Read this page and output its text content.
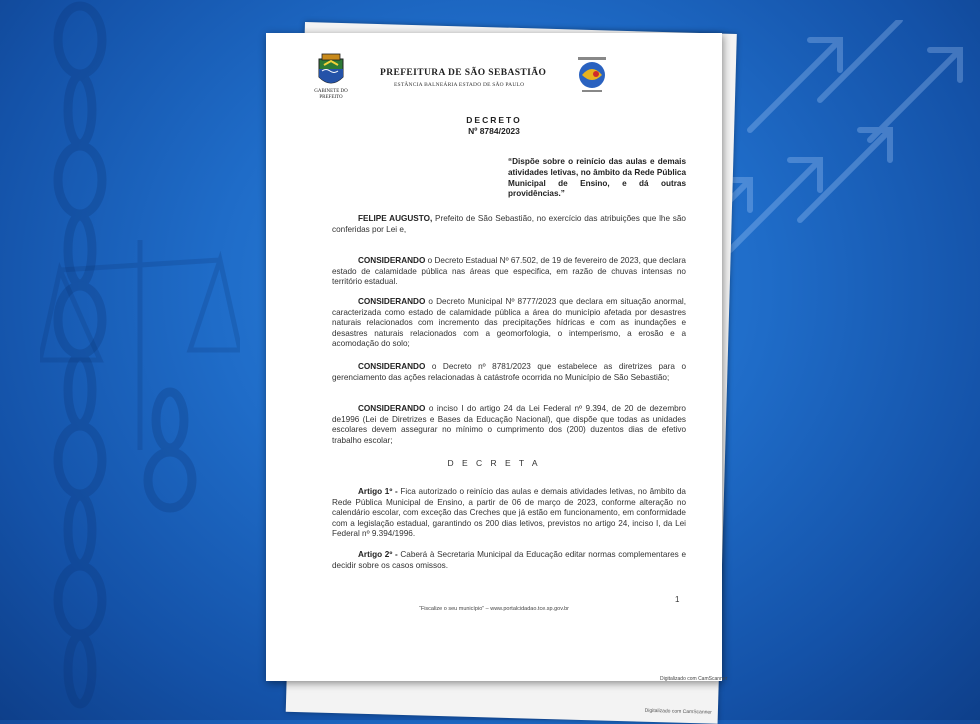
Digitalizado com CamScanner
GABINETE DO
PREFEITO
PREFEITURA DE SÃO SEBASTIÃO
ESTÂNCIA BALNEÁRIA ESTADO DE SÃO PAULO
DECRETO
Nº 8784/2023
“Dispõe sobre o reinício das aulas e demais atividades letivas, no âmbito da Rede Pública Municipal de Ensino, e dá outras providências.”
FELIPE AUGUSTO, Prefeito de São Sebastião, no exercício das atribuições que lhe são conferidas por Lei e,
CONSIDERANDO o Decreto Estadual Nº 67.502, de 19 de fevereiro de 2023, que declara estado de calamidade pública nas áreas que especifica, em razão de chuvas intensas no território estadual.
CONSIDERANDO o Decreto Municipal Nº 8777/2023 que declara em situação anormal, caracterizada como estado de calamidade pública a área do município afetada por desastres naturais relacionados com incremento das precipitações hídricas e com as inundações e desastres naturais relacionados com a geomorfologia, o intemperismo, a erosão e a acomodação do solo;
CONSIDERANDO o Decreto nº 8781/2023 que estabelece as diretrizes para o gerenciamento das ações relacionadas à catástrofe ocorrida no Município de São Sebastião;
CONSIDERANDO o inciso I do artigo 24 da Lei Federal nº 9.394, de 20 de dezembro de1996 (Lei de Diretrizes e Bases da Educação Nacional), que dispõe que todas as unidades escolares devem assegurar no mínimo o cumprimento dos (200) duzentos dias de efetivo trabalho escolar;
D E C R E T A
Artigo 1º - Fica autorizado o reinício das aulas e demais atividades letivas, no âmbito da Rede Pública Municipal de Ensino, a partir de 06 de março de 2023, conforme alteração no calendário escolar, com exceção das Creches que já estão em funcionamento, em conformidade com a legislação estadual, garantindo os 200 dias letivos, previstos no artigo 24, inciso I, da Lei Federal nº 9.394/1996.
Artigo 2º - Caberá à Secretaria Municipal da Educação editar normas complementares e decidir sobre os casos omissos.
1
“Fiscalize o seu município” – www.portalcidadao.tce.sp.gov.br
Digitalizado com CamScanner
